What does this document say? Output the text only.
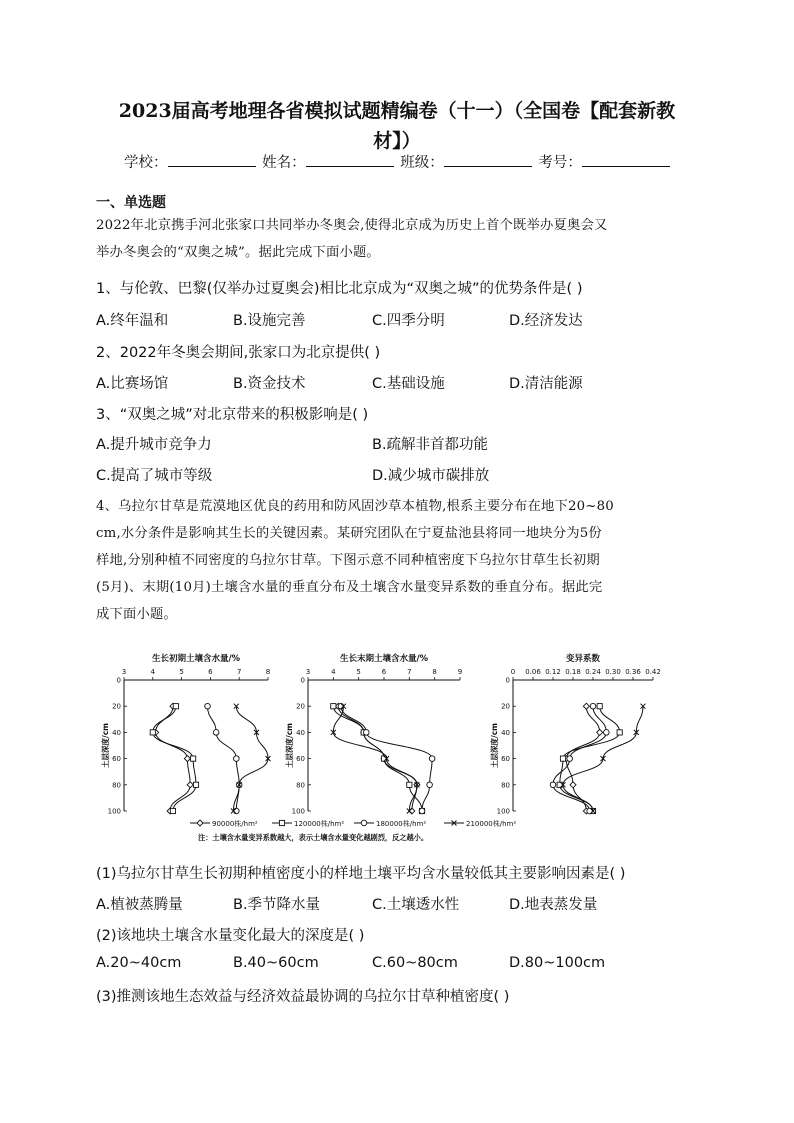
2023届高考地理各省模拟试题精编卷（十一）（全国卷【配套新教
材】）
学校：	姓名：	班级：	考号：
一、单选题
2022年北京携手河北张家口共同举办冬奥会,使得北京成为历史上首个既举办夏奥会又
举办冬奥会的“双奥之城”。据此完成下面小题。
1、与伦敦、巴黎(仅举办过夏奥会)相比北京成为“双奥之城”的优势条件是( )
A.终年温和	B.设施完善	C.四季分明	D.经济发达
2、2022年冬奥会期间,张家口为北京提供( )
A.比赛场馆	B.资金技术	C.基础设施	D.清洁能源
3、“双奥之城”对北京带来的积极影响是( )
A.提升城市竞争力	B.疏解非首都功能
C.提高了城市等级	D.减少城市碳排放
4、乌拉尔甘草是荒漠地区优良的药用和防风固沙草本植物,根系主要分布在地下20~80
cm,水分条件是影响其生长的关键因素。某研究团队在宁夏盐池县将同一地块分为5份
样地,分别种植不同密度的乌拉尔甘草。下图示意不同种植密度下乌拉尔甘草生长初期
(5月)、末期(10月)土壤含水量的垂直分布及土壤含水量变异系数的垂直分布。据此完
成下面小题。
生长初期土壤含水量/%
3	4	5	6	7	8
0
20
40
60
80
100
土层深度/cm
生长末期土壤含水量/%
3	4	5	6	7	8	9
0
20
40
60
80
100
土层深度/cm
变异系数
0 0.06 0.12 0.18 0.24 0.30 0.36 0.42
0
20
40
60
80
100
土层深度/cm
90000株/hm²	120000株/hm²	180000株/hm²	210000株/hm²
注：土壤含水量变异系数越大，表示土壤含水量变化越剧烈，反之越小。
(1)乌拉尔甘草生长初期种植密度小的样地土壤平均含水量较低其主要影响因素是( )
A.植被蒸腾量	B.季节降水量	C.土壤透水性	D.地表蒸发量
(2)该地块土壤含水量变化最大的深度是( )
A.20~40cm	B.40~60cm	C.60~80cm	D.80~100cm
(3)推测该地生态效益与经济效益最协调的乌拉尔甘草种植密度( )
